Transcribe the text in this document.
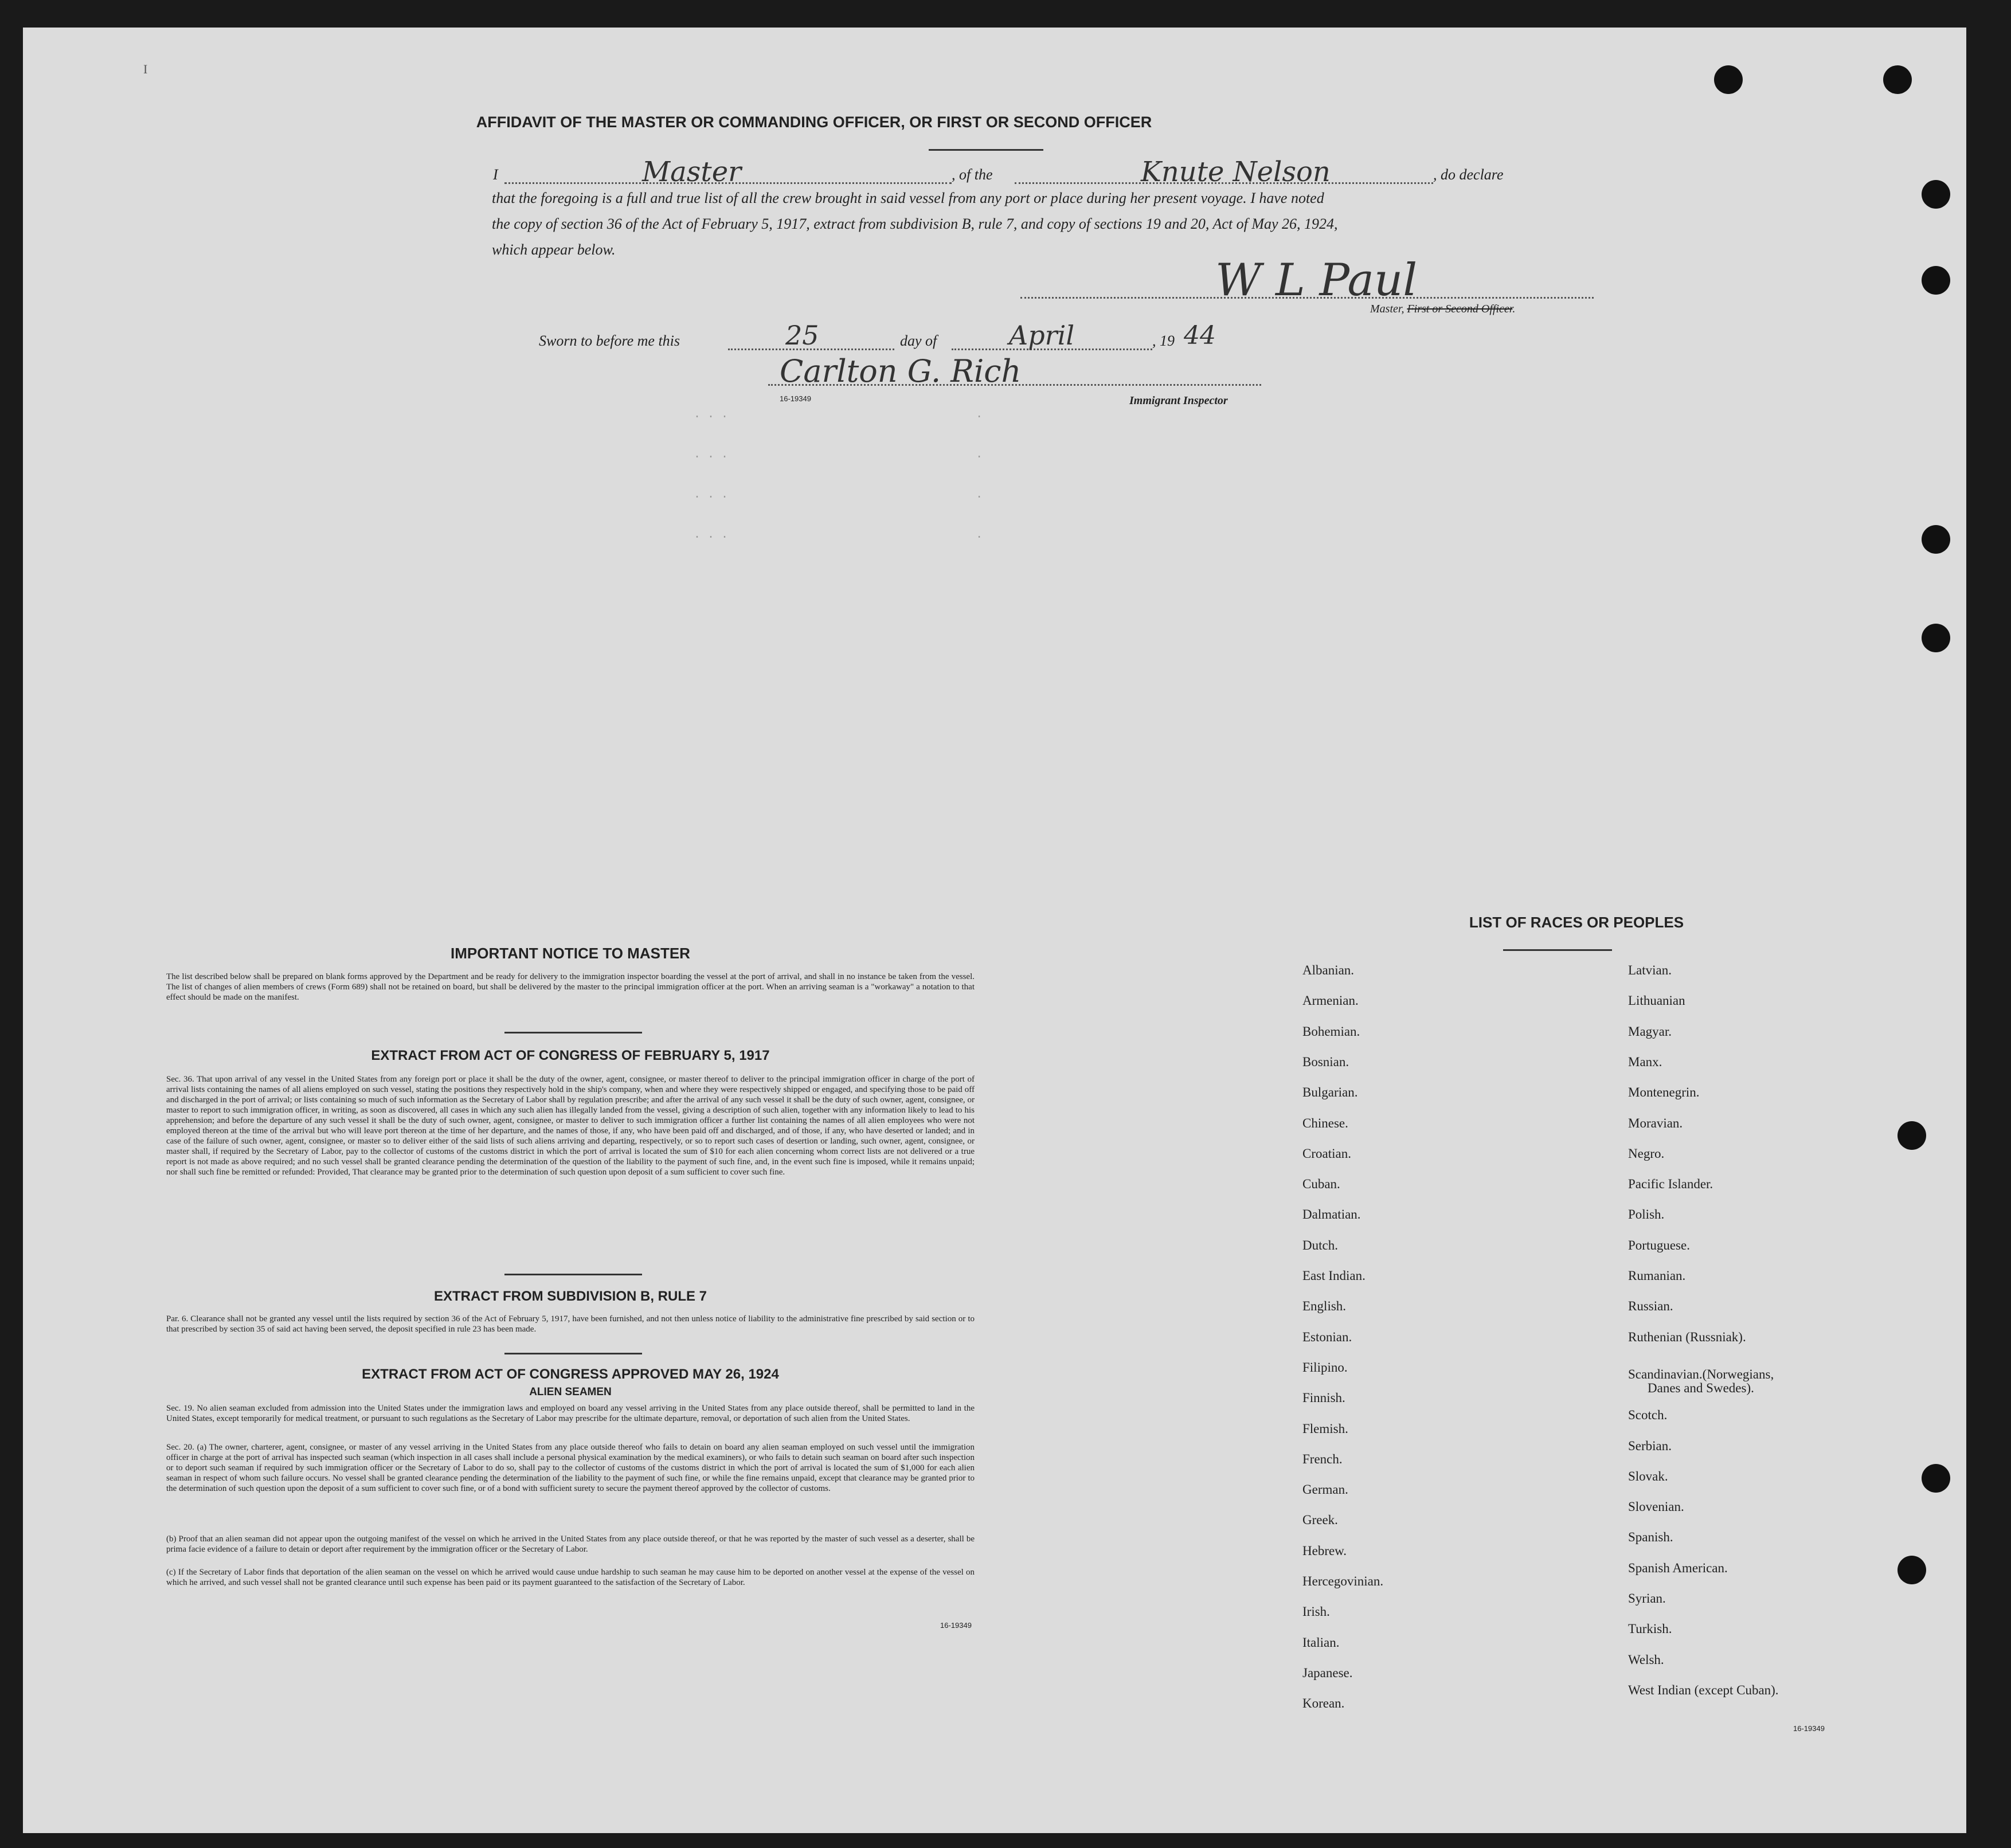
I
· · ·                                    ·
· · ·                                    ·
· · ·                                    ·
· · ·                                    ·
AFFIDAVIT OF THE MASTER OR COMMANDING OFFICER, OR FIRST OR SECOND OFFICER
I	Master	, of the	Knute Nelson	, do declare
that the foregoing is a full and true list of all the crew brought in said vessel from any port or place during her present voyage. I have noted
the copy of section 36 of the Act of February 5, 1917, extract from subdivision B, rule 7, and copy of sections 19 and 20, Act of May 26, 1924,
which appear below.
W L Paul
Master, First or Second Officer.
Sworn to before me this	25	day of	April	, 19 44
Carlton G. Rich
16-19349	Immigrant Inspector
IMPORTANT NOTICE TO MASTER
The list described below shall be prepared on blank forms approved by the Department and be ready for delivery to the immigration inspector boarding the vessel at the port of arrival, and shall in no instance be taken from the vessel. The list of changes of alien members of crews (Form 689) shall not be retained on board, but shall be delivered by the master to the principal immigration officer at the port. When an arriving seaman is a "workaway" a notation to that effect should be made on the manifest.
EXTRACT FROM ACT OF CONGRESS OF FEBRUARY 5, 1917
Sec. 36. That upon arrival of any vessel in the United States from any foreign port or place it shall be the duty of the owner, agent, consignee, or master thereof to deliver to the principal immigration officer in charge of the port of arrival lists containing the names of all aliens employed on such vessel, stating the positions they respectively hold in the ship's company, when and where they were respectively shipped or engaged, and specifying those to be paid off and discharged in the port of arrival; or lists containing so much of such information as the Secretary of Labor shall by regulation prescribe; and after the arrival of any such vessel it shall be the duty of such owner, agent, consignee, or master to report to such immigration officer, in writing, as soon as discovered, all cases in which any such alien has illegally landed from the vessel, giving a description of such alien, together with any information likely to lead to his apprehension; and before the departure of any such vessel it shall be the duty of such owner, agent, consignee, or master to deliver to such immigration officer a further list containing the names of all alien employees who were not employed thereon at the time of the arrival but who will leave port thereon at the time of her departure, and the names of those, if any, who have been paid off and discharged, and of those, if any, who have deserted or landed; and in case of the failure of such owner, agent, consignee, or master so to deliver either of the said lists of such aliens arriving and departing, respectively, or so to report such cases of desertion or landing, such owner, agent, consignee, or master shall, if required by the Secretary of Labor, pay to the collector of customs of the customs district in which the port of arrival is located the sum of $10 for each alien concerning whom correct lists are not delivered or a true report is not made as above required; and no such vessel shall be granted clearance pending the determination of the question of the liability to the payment of such fine, and, in the event such fine is imposed, while it remains unpaid; nor shall such fine be remitted or refunded: Provided, That clearance may be granted prior to the determination of such question upon deposit of a sum sufficient to cover such fine.
EXTRACT FROM SUBDIVISION B, RULE 7
Par. 6. Clearance shall not be granted any vessel until the lists required by section 36 of the Act of February 5, 1917, have been furnished, and not then unless notice of liability to the administrative fine prescribed by said section or to that prescribed by section 35 of said act having been served, the deposit specified in rule 23 has been made.
EXTRACT FROM ACT OF CONGRESS APPROVED MAY 26, 1924
ALIEN SEAMEN
Sec. 19. No alien seaman excluded from admission into the United States under the immigration laws and employed on board any vessel arriving in the United States from any place outside thereof, shall be permitted to land in the United States, except temporarily for medical treatment, or pursuant to such regulations as the Secretary of Labor may prescribe for the ultimate departure, removal, or deportation of such alien from the United States.
Sec. 20. (a) The owner, charterer, agent, consignee, or master of any vessel arriving in the United States from any place outside thereof who fails to detain on board any alien seaman employed on such vessel until the immigration officer in charge at the port of arrival has inspected such seaman (which inspection in all cases shall include a personal physical examination by the medical examiners), or who fails to detain such seaman on board after such inspection or to deport such seaman if required by such immigration officer or the Secretary of Labor to do so, shall pay to the collector of customs of the customs district in which the port of arrival is located the sum of $1,000 for each alien seaman in respect of whom such failure occurs. No vessel shall be granted clearance pending the determination of the liability to the payment of such fine, or while the fine remains unpaid, except that clearance may be granted prior to the determination of such question upon the deposit of a sum sufficient to cover such fine, or of a bond with sufficient surety to secure the payment thereof approved by the collector of customs.
(b) Proof that an alien seaman did not appear upon the outgoing manifest of the vessel on which he arrived in the United States from any place outside thereof, or that he was reported by the master of such vessel as a deserter, shall be prima facie evidence of a failure to detain or deport after requirement by the immigration officer or the Secretary of Labor.
(c) If the Secretary of Labor finds that deportation of the alien seaman on the vessel on which he arrived would cause undue hardship to such seaman he may cause him to be deported on another vessel at the expense of the vessel on which he arrived, and such vessel shall not be granted clearance until such expense has been paid or its payment guaranteed to the satisfaction of the Secretary of Labor.
16-19349
LIST OF RACES OR PEOPLES
16-19349
Albanian.
Armenian.
Bohemian.
Bosnian.
Bulgarian.
Chinese.
Croatian.
Cuban.
Dalmatian.
Dutch.
East Indian.
English.
Estonian.
Filipino.
Finnish.
Flemish.
French.
German.
Greek.
Hebrew.
Hercegovinian.
Irish.
Italian.
Japanese.
Korean.
Latvian.
Lithuanian
Magyar.
Manx.
Montenegrin.
Moravian.
Negro.
Pacific Islander.
Polish.
Portuguese.
Rumanian.
Russian.
Ruthenian (Russniak).
Scandinavian.(Norwegians,
Danes and Swedes).
Scotch.
Serbian.
Slovak.
Slovenian.
Spanish.
Spanish American.
Syrian.
Turkish.
Welsh.
West Indian (except Cuban).
